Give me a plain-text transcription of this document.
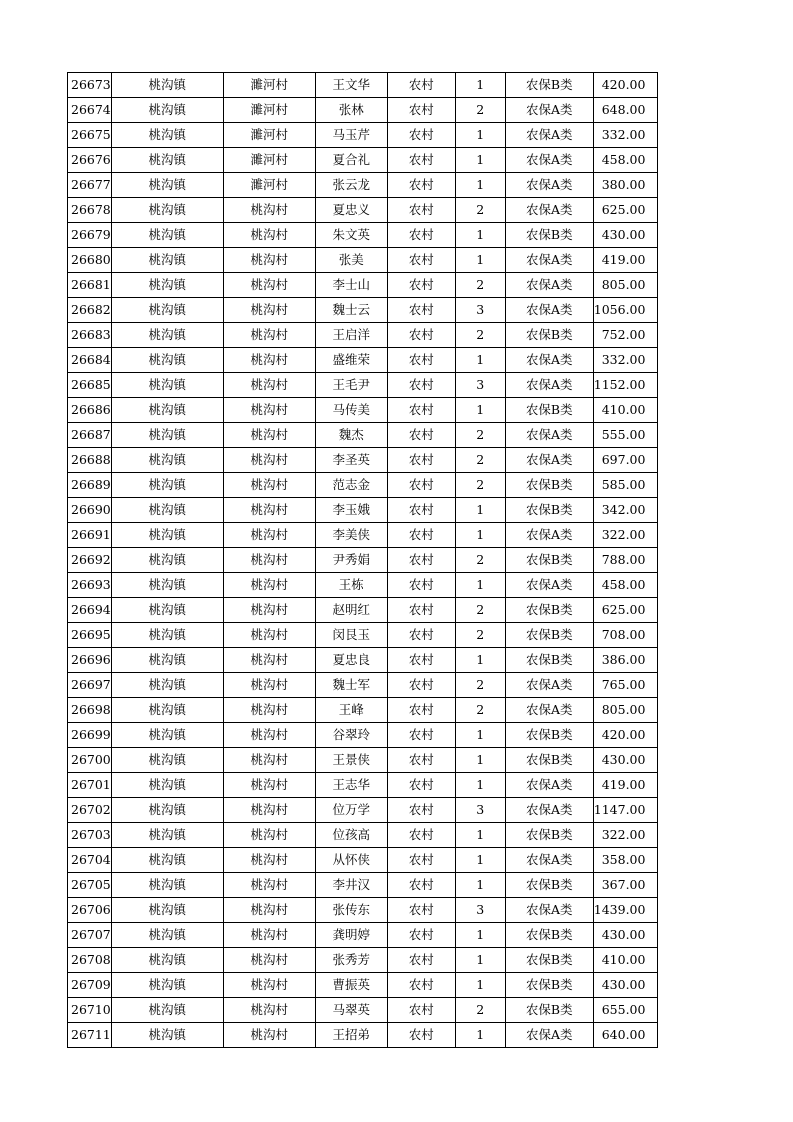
26673	桃沟镇	濉河村	王文华	农村	1	农保B类	420.00
26674	桃沟镇	濉河村	张林	农村	2	农保A类	648.00
26675	桃沟镇	濉河村	马玉芹	农村	1	农保A类	332.00
26676	桃沟镇	濉河村	夏合礼	农村	1	农保A类	458.00
26677	桃沟镇	濉河村	张云龙	农村	1	农保A类	380.00
26678	桃沟镇	桃沟村	夏忠义	农村	2	农保A类	625.00
26679	桃沟镇	桃沟村	朱文英	农村	1	农保B类	430.00
26680	桃沟镇	桃沟村	张美	农村	1	农保A类	419.00
26681	桃沟镇	桃沟村	李士山	农村	2	农保A类	805.00
26682	桃沟镇	桃沟村	魏士云	农村	3	农保A类	1056.00
26683	桃沟镇	桃沟村	王启洋	农村	2	农保B类	752.00
26684	桃沟镇	桃沟村	盛维荣	农村	1	农保A类	332.00
26685	桃沟镇	桃沟村	王毛尹	农村	3	农保A类	1152.00
26686	桃沟镇	桃沟村	马传美	农村	1	农保B类	410.00
26687	桃沟镇	桃沟村	魏杰	农村	2	农保A类	555.00
26688	桃沟镇	桃沟村	李圣英	农村	2	农保A类	697.00
26689	桃沟镇	桃沟村	范志金	农村	2	农保B类	585.00
26690	桃沟镇	桃沟村	李玉娥	农村	1	农保B类	342.00
26691	桃沟镇	桃沟村	李美侠	农村	1	农保A类	322.00
26692	桃沟镇	桃沟村	尹秀娟	农村	2	农保B类	788.00
26693	桃沟镇	桃沟村	王栋	农村	1	农保A类	458.00
26694	桃沟镇	桃沟村	赵明红	农村	2	农保B类	625.00
26695	桃沟镇	桃沟村	闵艮玉	农村	2	农保B类	708.00
26696	桃沟镇	桃沟村	夏忠良	农村	1	农保B类	386.00
26697	桃沟镇	桃沟村	魏士军	农村	2	农保A类	765.00
26698	桃沟镇	桃沟村	王峰	农村	2	农保A类	805.00
26699	桃沟镇	桃沟村	谷翠玲	农村	1	农保B类	420.00
26700	桃沟镇	桃沟村	王景侠	农村	1	农保B类	430.00
26701	桃沟镇	桃沟村	王志华	农村	1	农保A类	419.00
26702	桃沟镇	桃沟村	位万学	农村	3	农保A类	1147.00
26703	桃沟镇	桃沟村	位孩高	农村	1	农保B类	322.00
26704	桃沟镇	桃沟村	从怀侠	农村	1	农保A类	358.00
26705	桃沟镇	桃沟村	李井汉	农村	1	农保B类	367.00
26706	桃沟镇	桃沟村	张传东	农村	3	农保A类	1439.00
26707	桃沟镇	桃沟村	龚明婷	农村	1	农保B类	430.00
26708	桃沟镇	桃沟村	张秀芳	农村	1	农保B类	410.00
26709	桃沟镇	桃沟村	曹振英	农村	1	农保B类	430.00
26710	桃沟镇	桃沟村	马翠英	农村	2	农保B类	655.00
26711	桃沟镇	桃沟村	王招弟	农村	1	农保A类	640.00
